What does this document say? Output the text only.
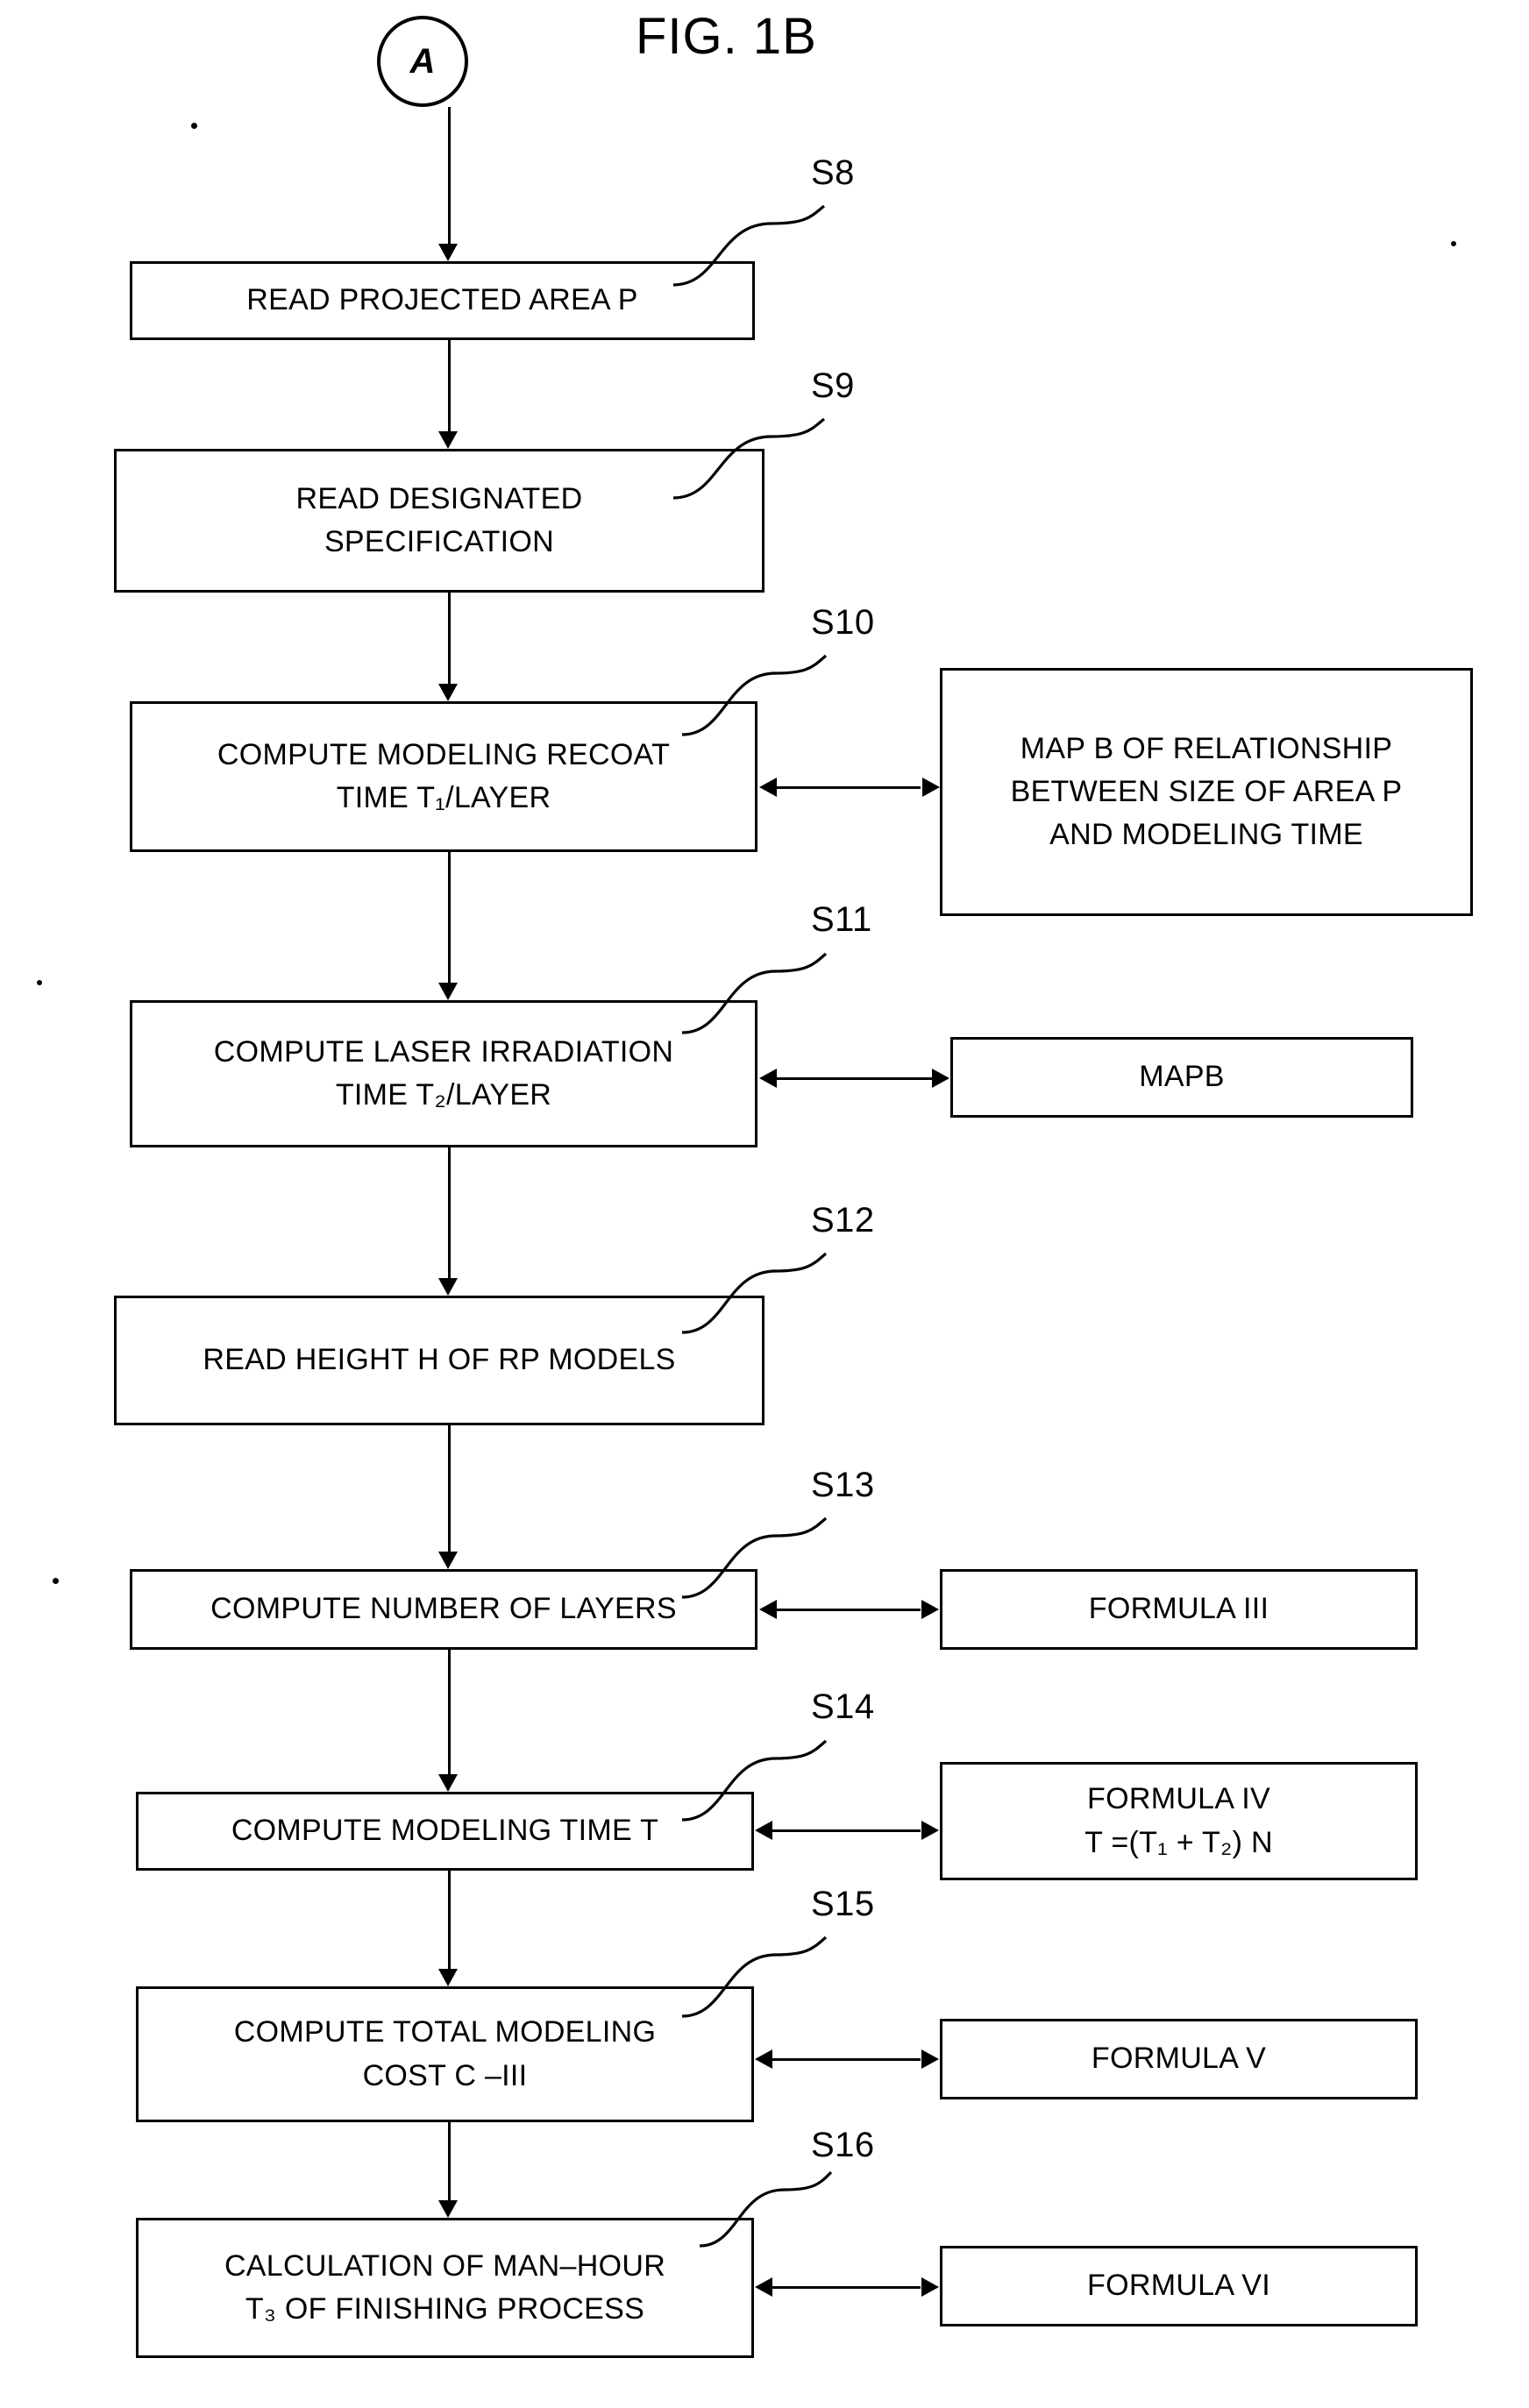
FIG. 1B
A
READ PROJECTED AREA P
S8
READ DESIGNATED
SPECIFICATION
S9
COMPUTE MODELING RECOAT
TIME T₁/LAYER
S10
MAP B OF RELATIONSHIP
BETWEEN SIZE OF AREA P
AND MODELING TIME
COMPUTE LASER IRRADIATION
TIME T₂/LAYER
S11
MAPB
READ HEIGHT H OF RP MODELS
S12
COMPUTE NUMBER OF LAYERS
S13
FORMULA III
COMPUTE MODELING TIME T
S14
FORMULA IV
T =(T₁ + T₂) N
COMPUTE TOTAL MODELING
COST C –III
S15
FORMULA V
CALCULATION OF MAN–HOUR
T₃ OF FINISHING PROCESS
S16
FORMULA VI
